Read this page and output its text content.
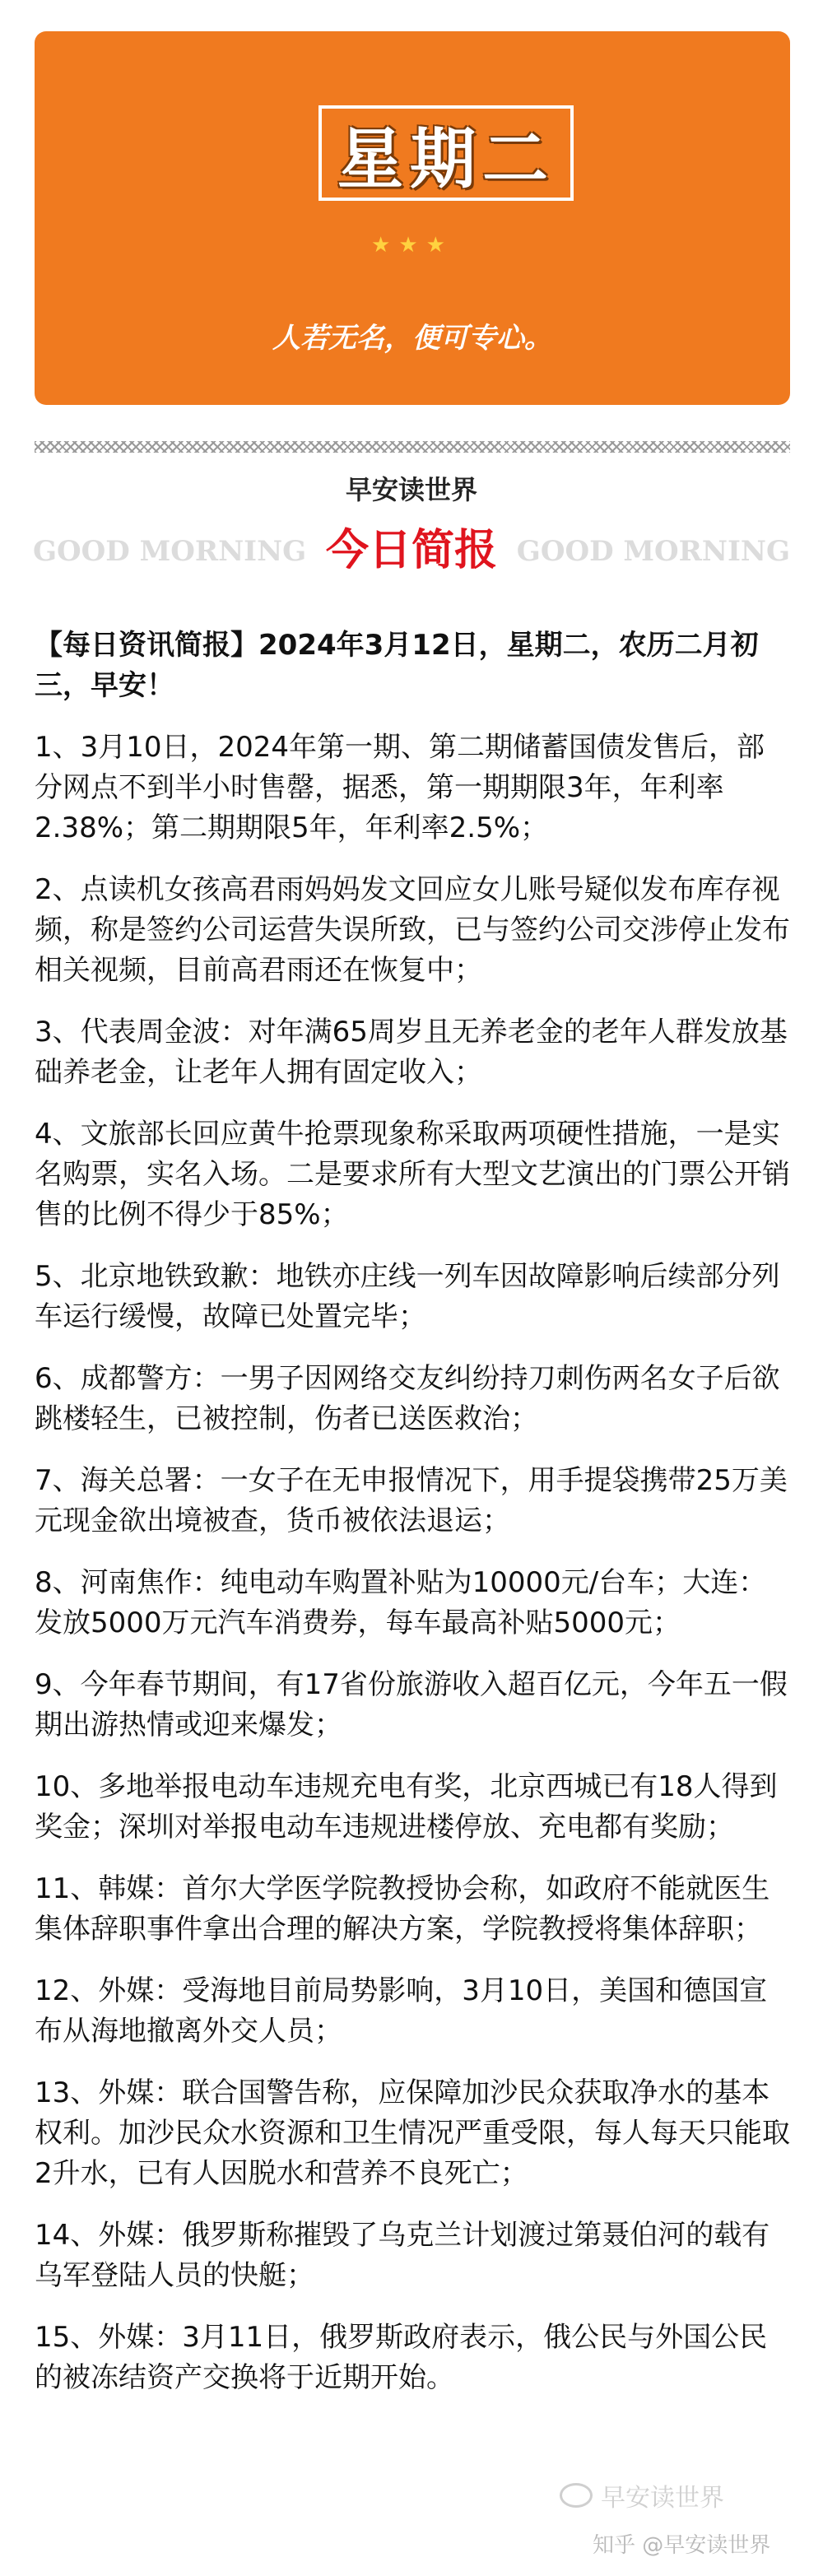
星期二
★★★
人若无名，便可专心。
早安读世界
GOOD MORNING 今日简报 GOOD MORNING

【每日资讯简报】2024年3月12日，星期二，农历二月初三，早安！

1、3月10日，2024年第一期、第二期储蓄国债发售后，部分网点不到半小时售罄，据悉，第一期期限3年，年利率2.38%；第二期期限5年，年利率2.5%；

2、点读机女孩高君雨妈妈发文回应女儿账号疑似发布库存视频，称是签约公司运营失误所致，已与签约公司交涉停止发布相关视频，目前高君雨还在恢复中；

3、代表周金波：对年满65周岁且无养老金的老年人群发放基础养老金，让老年人拥有固定收入；

4、文旅部长回应黄牛抢票现象称采取两项硬性措施，一是实名购票，实名入场。二是要求所有大型文艺演出的门票公开销售的比例不得少于85%；

5、北京地铁致歉：地铁亦庄线一列车因故障影响后续部分列车运行缓慢，故障已处置完毕；

6、成都警方：一男子因网络交友纠纷持刀刺伤两名女子后欲跳楼轻生，已被控制，伤者已送医救治；

7、海关总署：一女子在无申报情况下，用手提袋携带25万美元现金欲出境被查，货币被依法退运；

8、河南焦作：纯电动车购置补贴为10000元/台车；大连：发放5000万元汽车消费券，每车最高补贴5000元；

9、今年春节期间，有17省份旅游收入超百亿元，今年五一假期出游热情或迎来爆发；

10、多地举报电动车违规充电有奖，北京西城已有18人得到奖金；深圳对举报电动车违规进楼停放、充电都有奖励；

11、韩媒：首尔大学医学院教授协会称，如政府不能就医生集体辞职事件拿出合理的解决方案，学院教授将集体辞职；

12、外媒：受海地目前局势影响，3月10日，美国和德国宣布从海地撤离外交人员；

13、外媒：联合国警告称，应保障加沙民众获取净水的基本权利。加沙民众水资源和卫生情况严重受限，每人每天只能取2升水，已有人因脱水和营养不良死亡；

14、外媒：俄罗斯称摧毁了乌克兰计划渡过第聂伯河的载有乌军登陆人员的快艇；

15、外媒：3月11日，俄罗斯政府表示，俄公民与外国公民的被冻结资产交换将于近期开始。

早安读世界
知乎 @早安读世界
